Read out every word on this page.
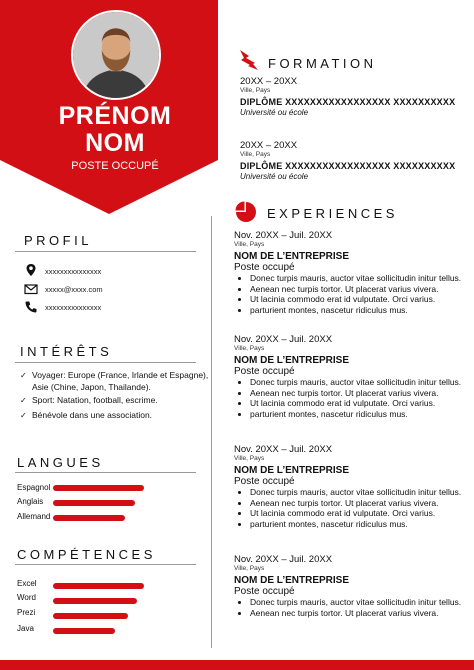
PRÉNOM
NOM
POSTE OCCUPÉ
PROFIL
xxxxxxxxxxxxxxx
xxxxx@xxxx.com
xxxxxxxxxxxxxxx
INTÉRÊTS
✓ Voyager: Europe (France, Irlande et Espagne), Asie (Chine, Japon, Thailande).
✓ Sport: Natation, football, escrime.
✓ Bénévole dans une association.
LANGUES
Espagnol
Anglais
Allemand
COMPÉTENCES
Excel
Word
Prezi
Java
FORMATION
20XX – 20XX
Ville, Pays
DIPLÔME XXXXXXXXXXXXXXXXX XXXXXXXXXX
Université ou école
20XX – 20XX
Ville, Pays
DIPLÔME XXXXXXXXXXXXXXXXX XXXXXXXXXX
Université ou école
EXPERIENCES
Nov. 20XX – Juil. 20XX
Ville, Pays
NOM DE L’ENTREPRISE
Poste occupé
• Donec turpis mauris, auctor vitae sollicitudin initur tellus.
• Aenean nec turpis tortor. Ut placerat varius vivera.
• Ut lacinia commodo erat id vulputate. Orci varius.
• parturient montes, nascetur ridiculus mus.
Nov. 20XX – Juil. 20XX
Ville, Pays
NOM DE L’ENTREPRISE
Poste occupé
• Donec turpis mauris, auctor vitae sollicitudin initur tellus.
• Aenean nec turpis tortor. Ut placerat varius vivera.
• Ut lacinia commodo erat id vulputate. Orci varius.
• parturient montes, nascetur ridiculus mus.
Nov. 20XX – Juil. 20XX
Ville, Pays
NOM DE L’ENTREPRISE
Poste occupé
• Donec turpis mauris, auctor vitae sollicitudin initur tellus.
• Aenean nec turpis tortor. Ut placerat varius vivera.
• Ut lacinia commodo erat id vulputate. Orci varius.
• parturient montes, nascetur ridiculus mus.
Nov. 20XX – Juil. 20XX
Ville, Pays
NOM DE L’ENTREPRISE
Poste occupé
• Donec turpis mauris, auctor vitae sollicitudin initur tellus.
• Aenean nec turpis tortor. Ut placerat varius vivera.
